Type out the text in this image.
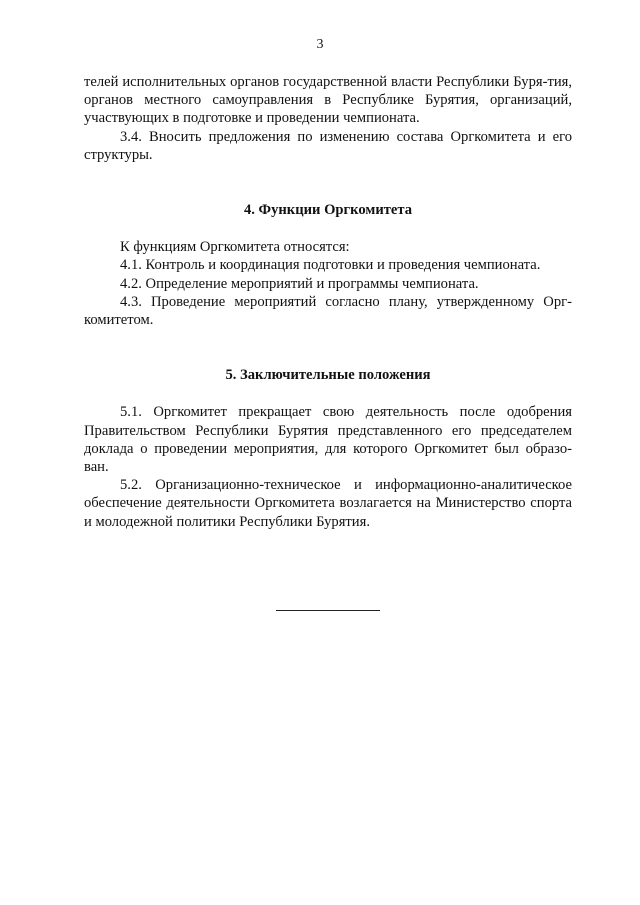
3

телей исполнительных органов государственной власти Республики Буря-тия, органов местного самоуправления в Республике Бурятия, организаций, участвующих в подготовке и проведении чемпионата.

3.4. Вносить предложения по изменению состава Оргкомитета и его структуры.

4. Функции Оргкомитета

К функциям Оргкомитета относятся:

4.1. Контроль и координация подготовки и проведения чемпионата.

4.2. Определение мероприятий и программы чемпионата.

4.3. Проведение мероприятий согласно плану, утвержденному Орг-комитетом.

5. Заключительные положения

5.1. Оргкомитет прекращает свою деятельность после одобрения Правительством Республики Бурятия представленного его председателем доклада о проведении мероприятия, для которого Оргкомитет был образо-ван.

5.2. Организационно-техническое и информационно-аналитическое обеспечение деятельности Оргкомитета возлагается на Министерство спорта и молодежной политики Республики Бурятия.
